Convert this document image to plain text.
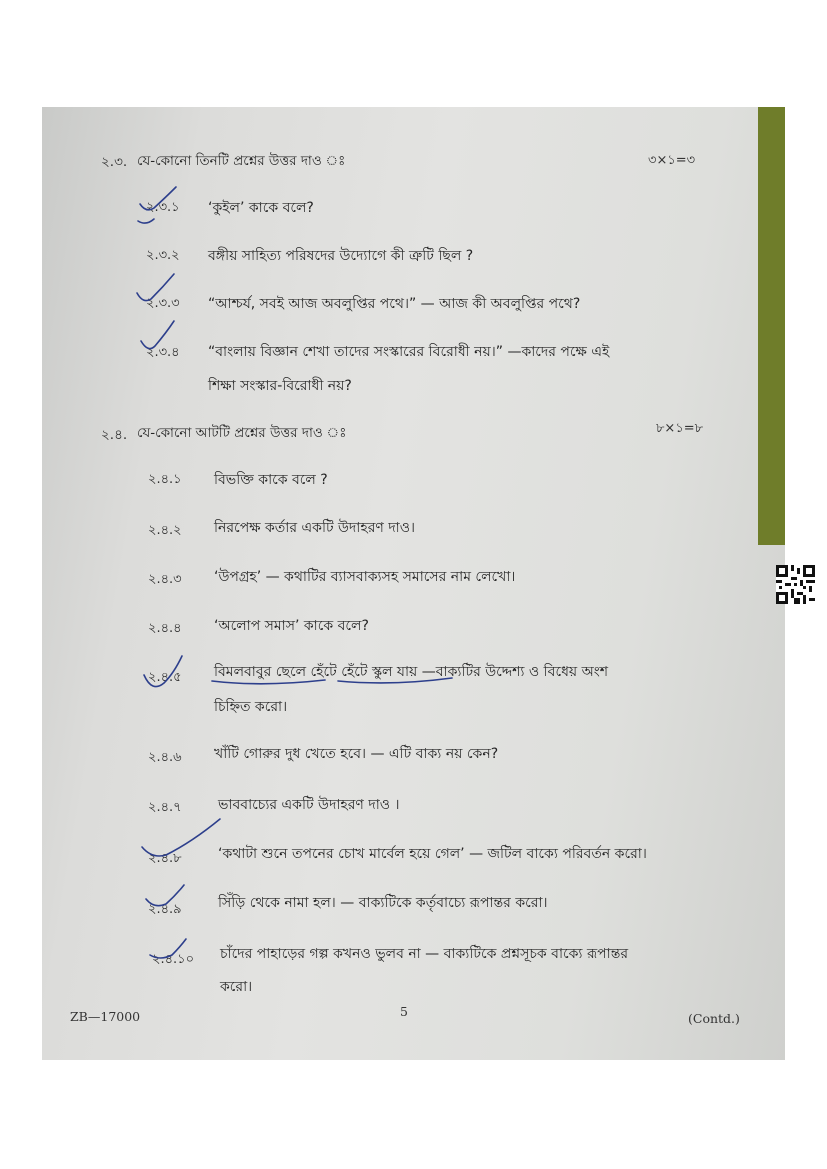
২.৩. যে-কোনো তিনটি প্রশ্নের উত্তর দাও ঃ	৩×১=৩
২.৩.১ ‘কুইল’ কাকে বলে?
২.৩.২ বঙ্গীয় সাহিত্য পরিষদের উদ্যোগে কী ত্রুটি ছিল ?
২.৩.৩ “আশ্চর্য, সবই আজ অবলুপ্তির পথে।” — আজ কী অবলুপ্তির পথে?
২.৩.৪ “বাংলায় বিজ্ঞান শেখা তাদের সংস্কারের বিরোধী নয়।” —কাদের পক্ষে এই
শিক্ষা সংস্কার-বিরোধী নয়?
২.৪. যে-কোনো আটটি প্রশ্নের উত্তর দাও ঃ	৮×১=৮
২.৪.১ বিভক্তি কাকে বলে ?
২.৪.২ নিরপেক্ষ কর্তার একটি উদাহরণ দাও।
২.৪.৩ ‘উপগ্রহ’ — কথাটির ব্যাসবাক্যসহ সমাসের নাম লেখো।
২.৪.৪ ‘অলোপ সমাস’ কাকে বলে?
২.৪.৫ বিমলবাবুর ছেলে হেঁটে হেঁটে স্কুল যায় —বাক্যটির উদ্দেশ্য ও বিধেয় অংশ
চিহ্নিত করো।
২.৪.৬ খাঁটি গোরুর দুধ খেতে হবে। — এটি বাক্য নয় কেন?
২.৪.৭	ভাববাচ্যের একটি উদাহরণ দাও ।
২.৪.৮	‘কথাটা শুনে তপনের চোখ মার্বেল হয়ে গেল’ — জটিল বাক্যে পরিবর্তন করো।
২.৪.৯	সিঁড়ি থেকে নামা হল। — বাক্যটিকে কর্তৃবাচ্যে রূপান্তর করো।
২.৪.১০ চাঁদের পাহাড়ের গল্প কখনও ভুলব না — বাক্যটিকে প্রশ্নসূচক বাক্যে রূপান্তর
করো।
ZB—17000	5	(Contd.)
